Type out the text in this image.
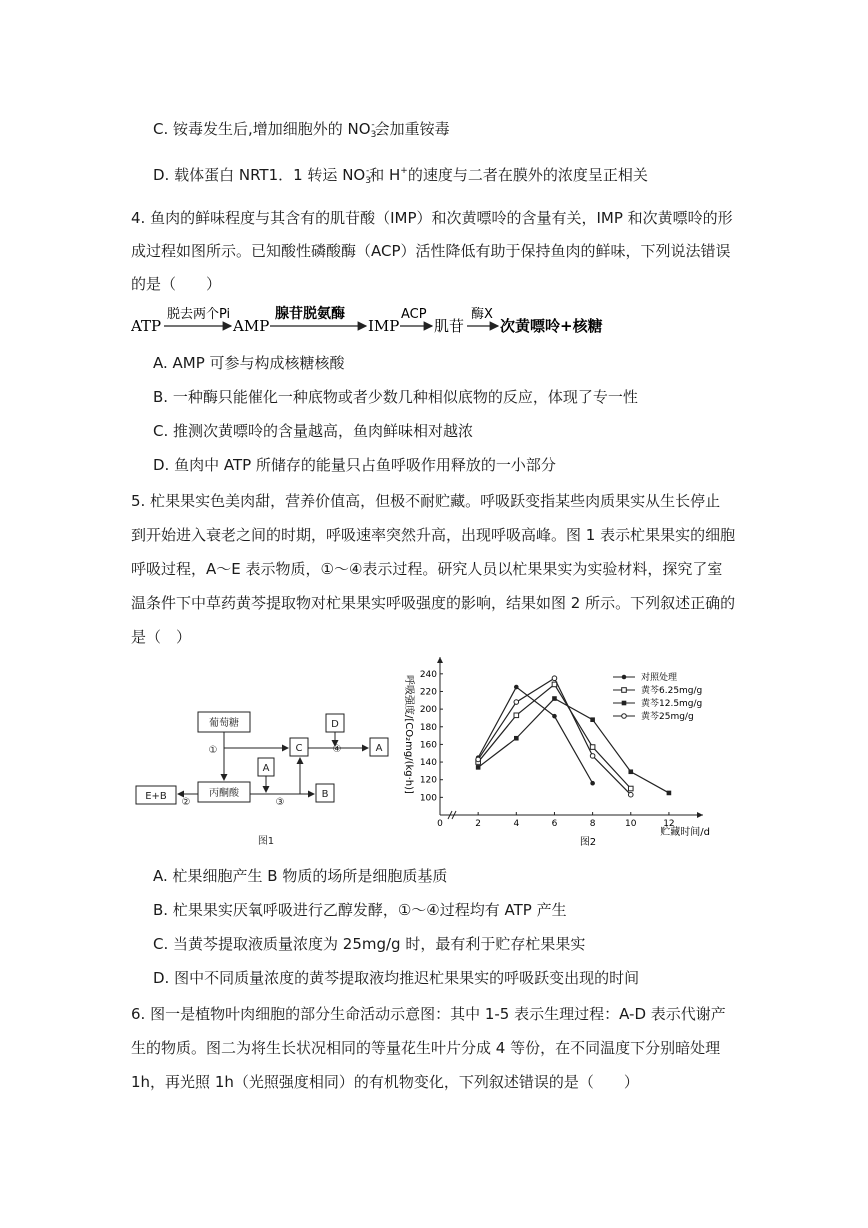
C. 铵毒发生后,增加细胞外的 $NO_3^-$会加重铵毒
D. 载体蛋白 NRT1．1 转运 $NO_3^-$和 H+的速度与二者在膜外的浓度呈正相关
4. 鱼肉的鲜味程度与其含有的肌苷酸（IMP）和次黄嘌呤的含量有关，IMP 和次黄嘌呤的形
成过程如图所示。已知酸性磷酸酶（ACP）活性降低有助于保持鱼肉的鲜味，下列说法错误
的是（　　）
ATP
脱去两个Pi
AMP
腺苷脱氨酶
IMP
ACP
肌苷
酶X
次黄嘌呤+核糖
A. AMP 可参与构成核糖核酸
B. 一种酶只能催化一种底物或者少数几种相似底物的反应，体现了专一性
C. 推测次黄嘌呤的含量越高，鱼肉鲜味相对越浓
D. 鱼肉中 ATP 所储存的能量只占鱼呼吸作用释放的一小部分
5. 杧果果实色美肉甜，营养价值高，但极不耐贮藏。呼吸跃变指某些肉质果实从生长停止
到开始进入衰老之间的时期，呼吸速率突然升高，出现呼吸高峰。图 1 表示杧果果实的细胞
呼吸过程，A～E 表示物质，①～④表示过程。研究人员以杧果果实为实验材料，探究了室
温条件下中草药黄芩提取物对杧果果实呼吸强度的影响，结果如图 2 所示。下列叙述正确的
是（　）
葡萄糖
丙酮酸
E+B
A
C
D
A
B
①
②	③
④
图1
0	2	4	6	8	10	12
100
120
140
160
180
200
220
240
贮藏时间/d
呼吸强度/[CO₂mg/(kg·h)]	对照处理
黄芩6.25mg/g
黄芩12.5mg/g
黄芩25mg/g
图2
A. 杧果细胞产生 B 物质的场所是细胞质基质
B. 杧果果实厌氧呼吸进行乙醇发酵，①～④过程均有 ATP 产生
C. 当黄芩提取液质量浓度为 25mg/g 时，最有利于贮存杧果果实
D. 图中不同质量浓度的黄芩提取液均推迟杧果果实的呼吸跃变出现的时间
6. 图一是植物叶肉细胞的部分生命活动示意图：其中 1-5 表示生理过程：A-D 表示代谢产
生的物质。图二为将生长状况相同的等量花生叶片分成 4 等份，在不同温度下分别暗处理
1h，再光照 1h（光照强度相同）的有机物变化，下列叙述错误的是（　　）
